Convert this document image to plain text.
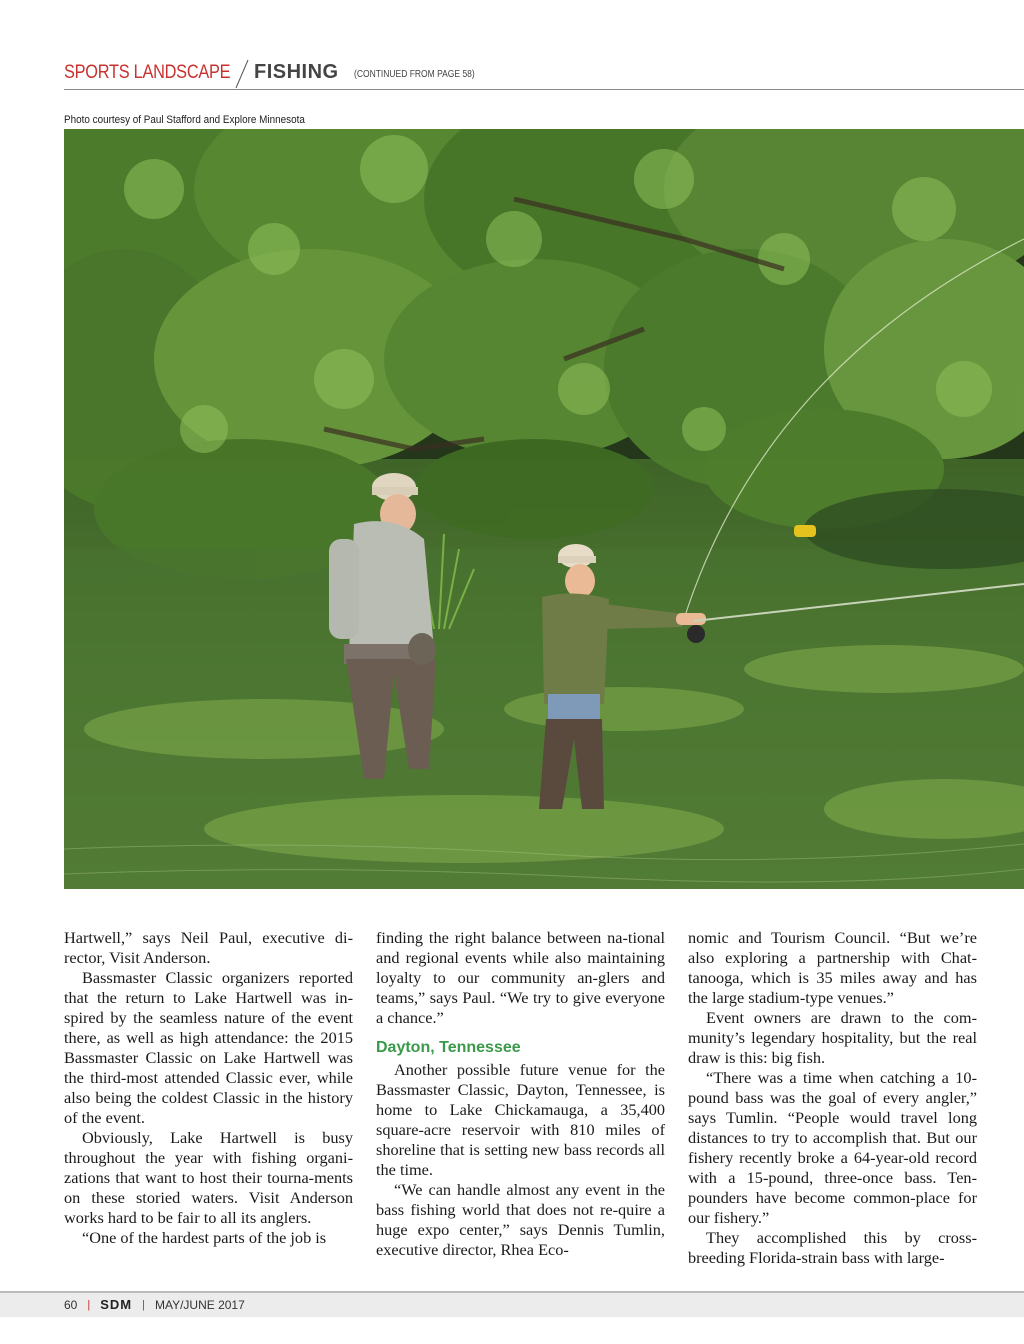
SPORTS LANDSCAPE FISHING (CONTINUED FROM PAGE 58)
Photo courtesy of Paul Stafford and Explore Minnesota

Hartwell,” says Neil Paul, executive di-rector, Visit Anderson.

Bassmaster Classic organizers reported that the return to Lake Hartwell was in-spired by the seamless nature of the event there, as well as high attendance: the 2015 Bassmaster Classic on Lake Hartwell was the third-most attended Classic ever, while also being the coldest Classic in the history of the event.

Obviously, Lake Hartwell is busy throughout the year with fishing organi-zations that want to host their tourna-ments on these storied waters. Visit Anderson works hard to be fair to all its anglers.

“One of the hardest parts of the job is

finding the right balance between na-tional and regional events while also maintaining loyalty to our community an-glers and teams,” says Paul. “We try to give everyone a chance.”

Dayton, Tennessee

Another possible future venue for the Bassmaster Classic, Dayton, Tennessee, is home to Lake Chickamauga, a 35,400 square-acre reservoir with 810 miles of shoreline that is setting new bass records all the time.

“We can handle almost any event in the bass fishing world that does not re-quire a huge expo center,” says Dennis Tumlin, executive director, Rhea Eco-

nomic and Tourism Council. “But we’re also exploring a partnership with Chat-tanooga, which is 35 miles away and has the large stadium-type venues.”

Event owners are drawn to the com-munity’s legendary hospitality, but the real draw is this: big fish.

“There was a time when catching a 10-pound bass was the goal of every angler,” says Tumlin. “People would travel long distances to try to accomplish that. But our fishery recently broke a 64-year-old record with a 15-pound, three-once bass. Ten-pounders have become common-place for our fishery.”

They accomplished this by cross-breeding Florida-strain bass with large-

60 | SDM | MAY/JUNE 2017
